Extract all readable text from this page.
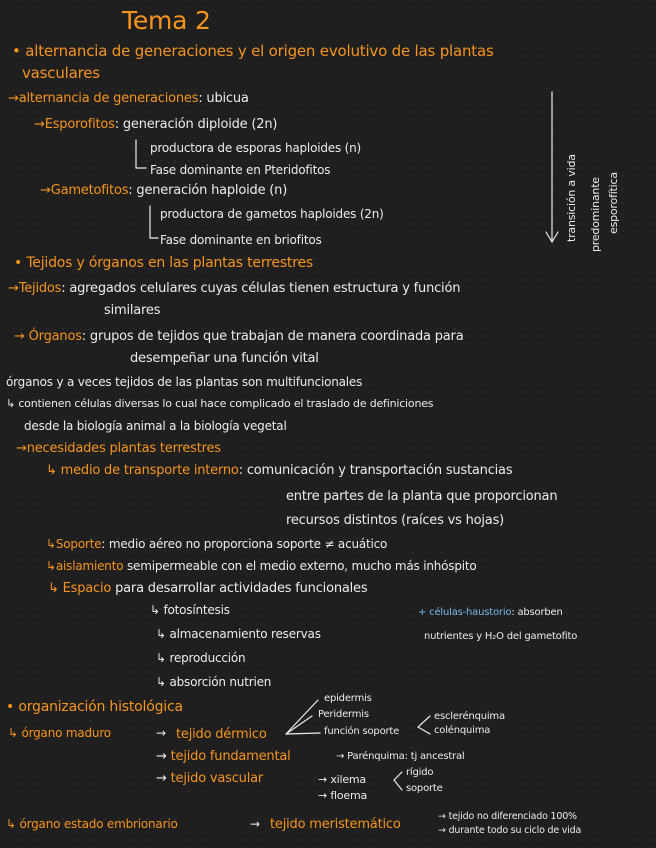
Tema 2
• alternancia de generaciones y el origen evolutivo de las plantas
vasculares
→alternancia de generaciones: ubicua
→Esporofitos: generación diploide (2n)
productora de esporas haploides (n)
Fase dominante en Pteridofitos
→Gametofitos: generación haploide (n)
productora de gametos haploides (2n)
Fase dominante en briofitos	transición a vida predominante esporofítica
• Tejidos y órganos en las plantas terrestres
→Tejidos: agregados celulares cuyas células tienen estructura y función
similares
→ Órganos: grupos de tejidos que trabajan de manera coordinada para
desempeñar una función vital
órganos y a veces tejidos de las plantas son multifuncionales
↳ contienen células diversas lo cual hace complicado el traslado de definiciones
desde la biología animal a la biología vegetal
→necesidades plantas terrestres
↳ medio de transporte interno: comunicación y transportación sustancias
entre partes de la planta que proporcionan
recursos distintos (raíces vs hojas)
↳Soporte: medio aéreo no proporciona soporte ≠ acuático
↳aislamiento semipermeable con el medio externo, mucho más inhóspito
↳ Espacio para desarrollar actividades funcionales
↳ fotosíntesis
↳ almacenamiento reservas
↳ reproducción
↳ absorción nutrien
+ células-haustorio: absorben
nutrientes y H₂O del gametofito
• organización histológica
↳ órgano maduro	→ tejido dérmico
epidermis
Peridermis
función soporte
esclerénquima
colénquima
→ tejido fundamental	→ Parénquima: tj ancestral
→ tejido vascular	→ xilema
→ floema
rígido
soporte
↳ órgano estado embrionario	→ tejido meristemático
→ tejido no diferenciado 100%
→ durante todo su ciclo de vida
